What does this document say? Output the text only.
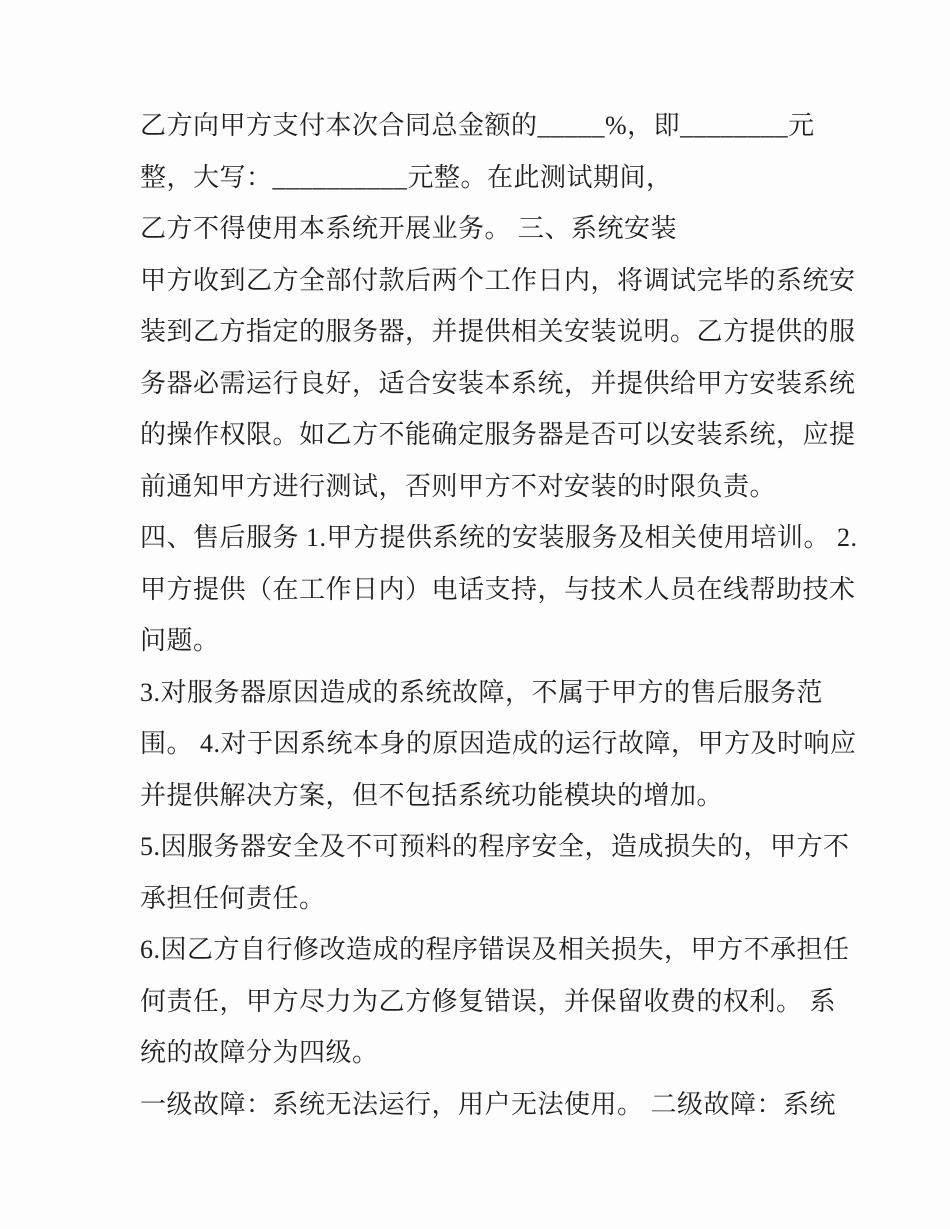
乙方向甲方支付本次合同总金额的_____%，即________元
整，大写：__________元整。在此测试期间，
乙方不得使用本系统开展业务。 三、系统安装
甲方收到乙方全部付款后两个工作日内，将调试完毕的系统安
装到乙方指定的服务器，并提供相关安装说明。乙方提供的服
务器必需运行良好，适合安装本系统，并提供给甲方安装系统
的操作权限。如乙方不能确定服务器是否可以安装系统，应提
前通知甲方进行测试，否则甲方不对安装的时限负责。
四、售后服务 1.甲方提供系统的安装服务及相关使用培训。 2.
甲方提供（在工作日内）电话支持，与技术人员在线帮助技术
问题。
3.对服务器原因造成的系统故障，不属于甲方的售后服务范
围。 4.对于因系统本身的原因造成的运行故障，甲方及时响应
并提供解决方案，但不包括系统功能模块的增加。
5.因服务器安全及不可预料的程序安全，造成损失的，甲方不
承担任何责任。
6.因乙方自行修改造成的程序错误及相关损失，甲方不承担任
何责任，甲方尽力为乙方修复错误，并保留收费的权利。 系
统的故障分为四级。
一级故障：系统无法运行，用户无法使用。 二级故障：系统
